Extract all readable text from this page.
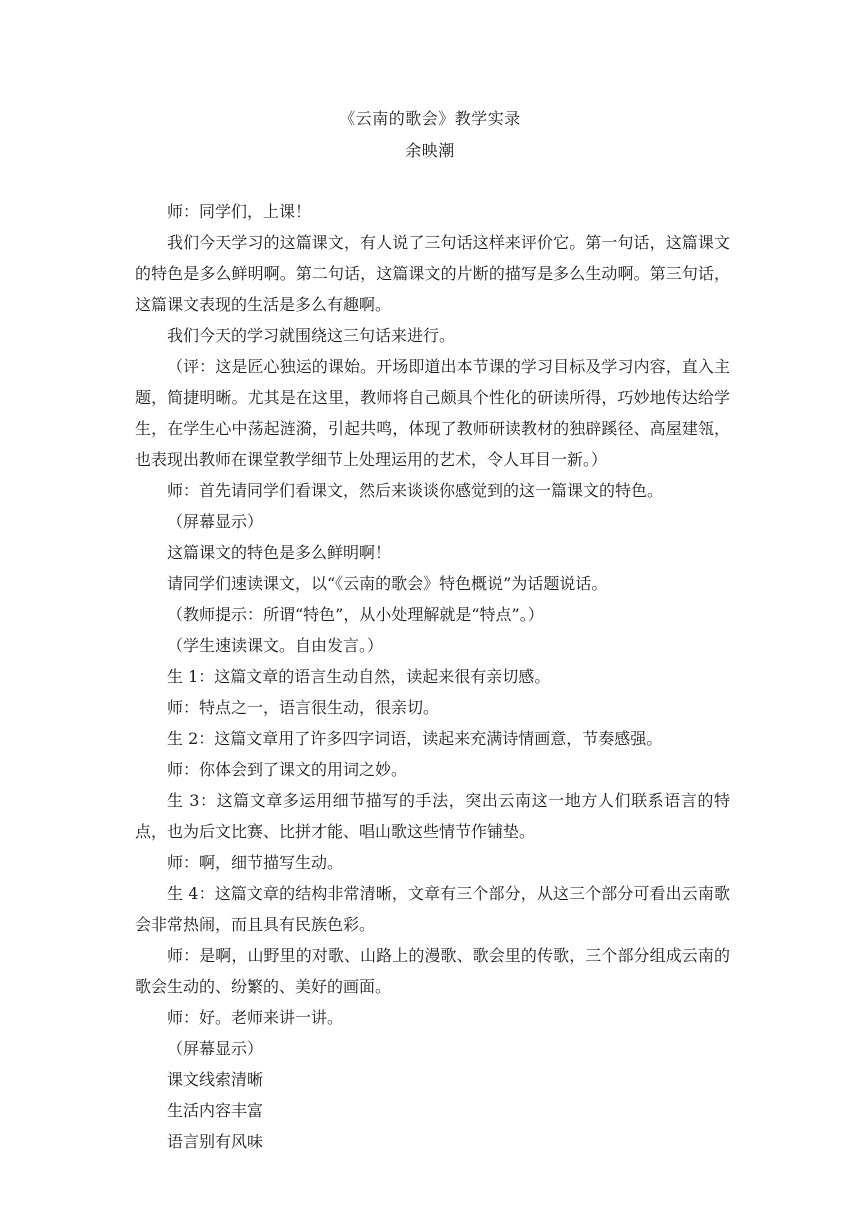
《云南的歌会》教学实录
余映潮

师：同学们，上课！

我们今天学习的这篇课文，有人说了三句话这样来评价它。第一句话，这篇课文的特色是多么鲜明啊。第二句话，这篇课文的片断的描写是多么生动啊。第三句话，这篇课文表现的生活是多么有趣啊。

我们今天的学习就围绕这三句话来进行。

（评：这是匠心独运的课始。开场即道出本节课的学习目标及学习内容，直入主题，简捷明晰。尤其是在这里，教师将自己颇具个性化的研读所得，巧妙地传达给学生，在学生心中荡起涟漪，引起共鸣，体现了教师研读教材的独辟蹊径、高屋建瓴，也表现出教师在课堂教学细节上处理运用的艺术，令人耳目一新。）

师：首先请同学们看课文，然后来谈谈你感觉到的这一篇课文的特色。

（屏幕显示）

这篇课文的特色是多么鲜明啊！

请同学们速读课文，以“《云南的歌会》特色概说”为话题说话。

（教师提示：所谓“特色”，从小处理解就是“特点”。）

（学生速读课文。自由发言。）

生 1：这篇文章的语言生动自然，读起来很有亲切感。

师：特点之一，语言很生动，很亲切。

生 2：这篇文章用了许多四字词语，读起来充满诗情画意，节奏感强。

师：你体会到了课文的用词之妙。

生 3：这篇文章多运用细节描写的手法，突出云南这一地方人们联系语言的特点，也为后文比赛、比拼才能、唱山歌这些情节作铺垫。

师：啊，细节描写生动。

生 4：这篇文章的结构非常清晰，文章有三个部分，从这三个部分可看出云南歌会非常热闹，而且具有民族色彩。

师：是啊，山野里的对歌、山路上的漫歌、歌会里的传歌，三个部分组成云南的歌会生动的、纷繁的、美好的画面。

师：好。老师来讲一讲。

（屏幕显示）

课文线索清晰

生活内容丰富

语言别有风味
